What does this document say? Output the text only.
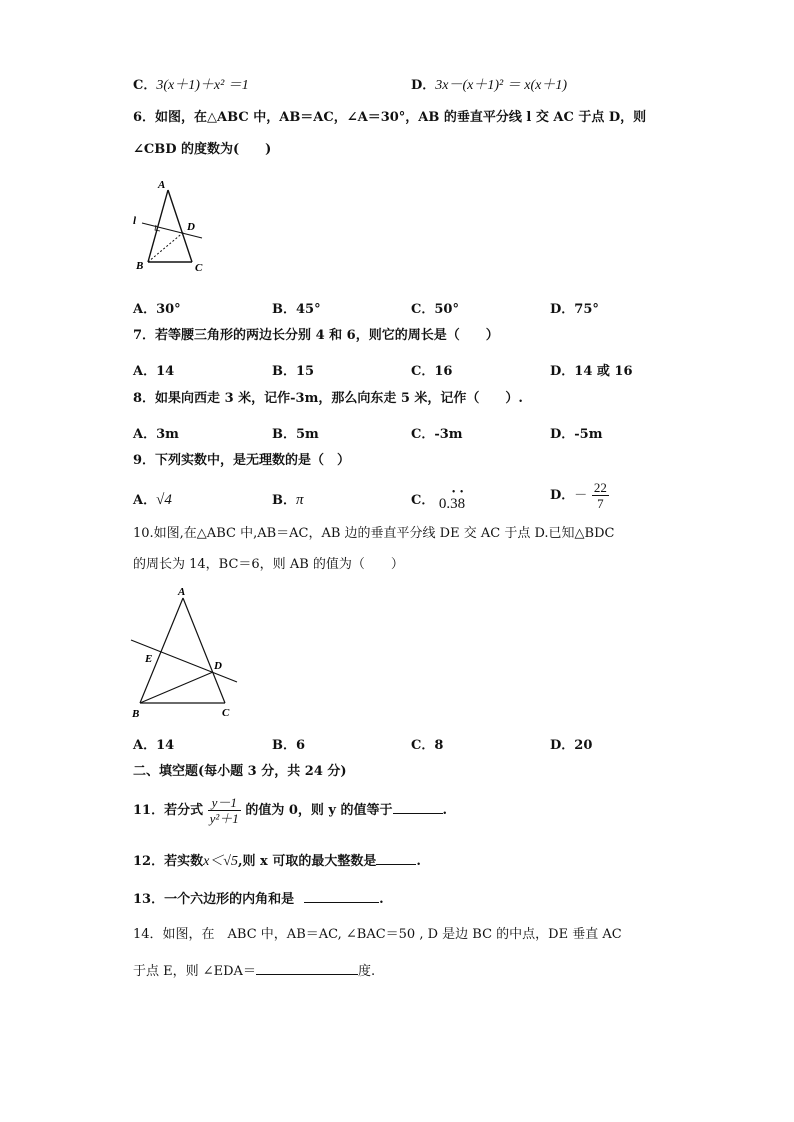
C．3(x＋1)＋x² ＝1	D．3x－(x＋1)² ＝ x(x＋1)
6．如图，在△ABC 中，AB＝AC，∠A＝30°，AB 的垂直平分线 l 交 AC 于点 D，则
∠CBD 的度数为(　　)
A
l	D
B	C
A．30°	B．45°	C．50°	D．75°
7．若等腰三角形的两边长分别 4 和 6，则它的周长是（　　）
A．14	B．15	C．16	D．14 或 16
8．如果向西走 3 米，记作-3m，那么向东走 5 米，记作（　　）.
A．3m	B．5m	C．-3m	D．-5m
9．下列实数中，是无理数的是（　）
A．√4	B．π	C． 0.38
• •	D．－ $\frac{22}{7}$
10.如图,在△ABC 中,AB＝AC，AB 边的垂直平分线 DE 交 AC 于点 D.已知△BDC
的周长为 14，BC＝6，则 AB 的值为（　　）
A
E
D
B	C
A．14	B．6	C．8	D．20
二、填空题(每小题 3 分，共 24 分)
11．若分式 $\frac{y-1}{\text{y²＋1}}$ 的值为 0，则 y 的值等于	.
12．若实数x＜√5,则 x 可取的最大整数是	.
13．一个六边形的内角和是	.
14．如图，在　ABC 中，AB＝AC, ∠BAC＝50 , D 是边 BC 的中点，DE 垂直 AC
于点 E，则 ∠EDA＝	度.
